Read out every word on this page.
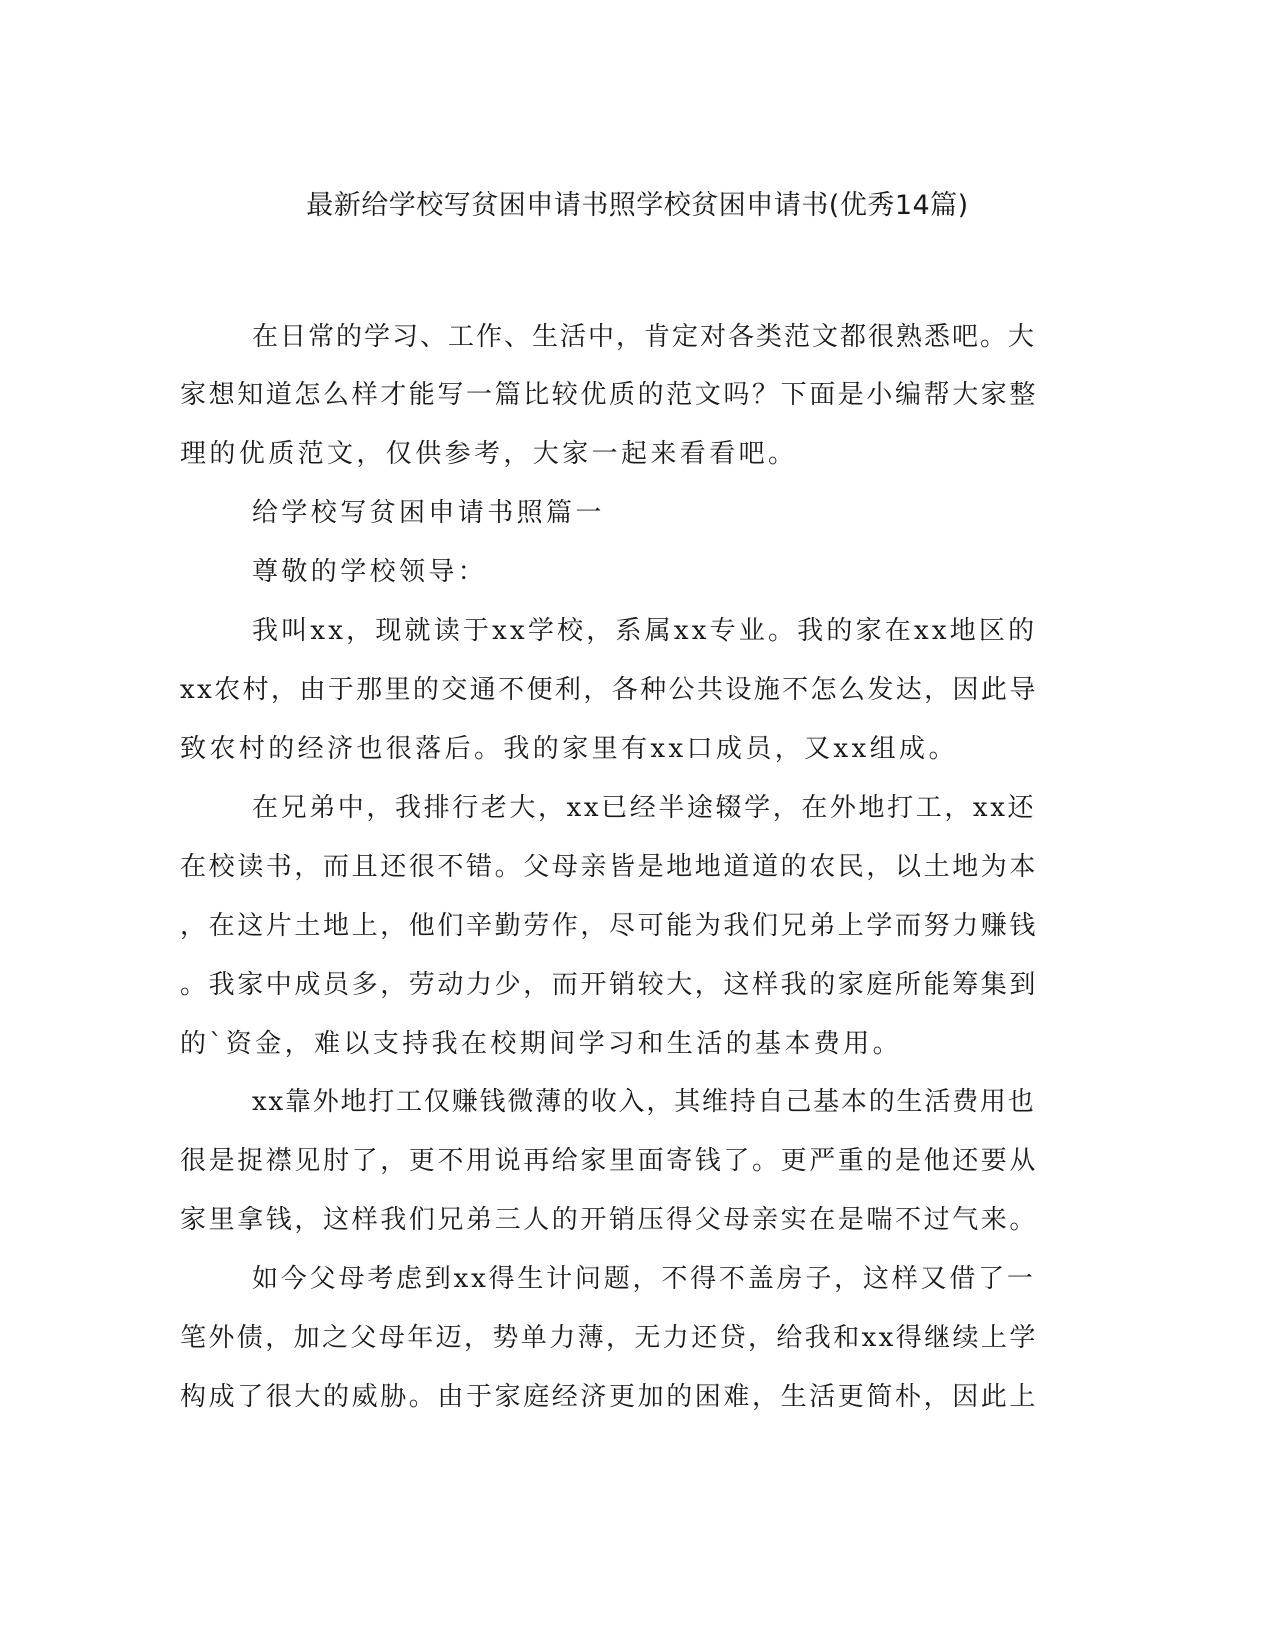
最新给学校写贫困申请书照学校贫困申请书(优秀14篇)
在日常的学习、工作、生活中，肯定对各类范文都很熟悉吧。大
家想知道怎么样才能写一篇比较优质的范文吗？下面是小编帮大家整
理的优质范文，仅供参考，大家一起来看看吧。
给学校写贫困申请书照篇一
尊敬的学校领导：
我叫xx，现就读于xx学校，系属xx专业。我的家在xx地区的
xx农村，由于那里的交通不便利，各种公共设施不怎么发达，因此导
致农村的经济也很落后。我的家里有xx口成员，又xx组成。
在兄弟中，我排行老大，xx已经半途辍学，在外地打工，xx还
在校读书，而且还很不错。父母亲皆是地地道道的农民，以土地为本
，在这片土地上，他们辛勤劳作，尽可能为我们兄弟上学而努力赚钱
。我家中成员多，劳动力少，而开销较大，这样我的家庭所能筹集到
的`资金，难以支持我在校期间学习和生活的基本费用。
xx靠外地打工仅赚钱微薄的收入，其维持自己基本的生活费用也
很是捉襟见肘了，更不用说再给家里面寄钱了。更严重的是他还要从
家里拿钱，这样我们兄弟三人的开销压得父母亲实在是喘不过气来。
如今父母考虑到xx得生计问题，不得不盖房子，这样又借了一
笔外债，加之父母年迈，势单力薄，无力还贷，给我和xx得继续上学
构成了很大的威胁。由于家庭经济更加的困难，生活更简朴，因此上
